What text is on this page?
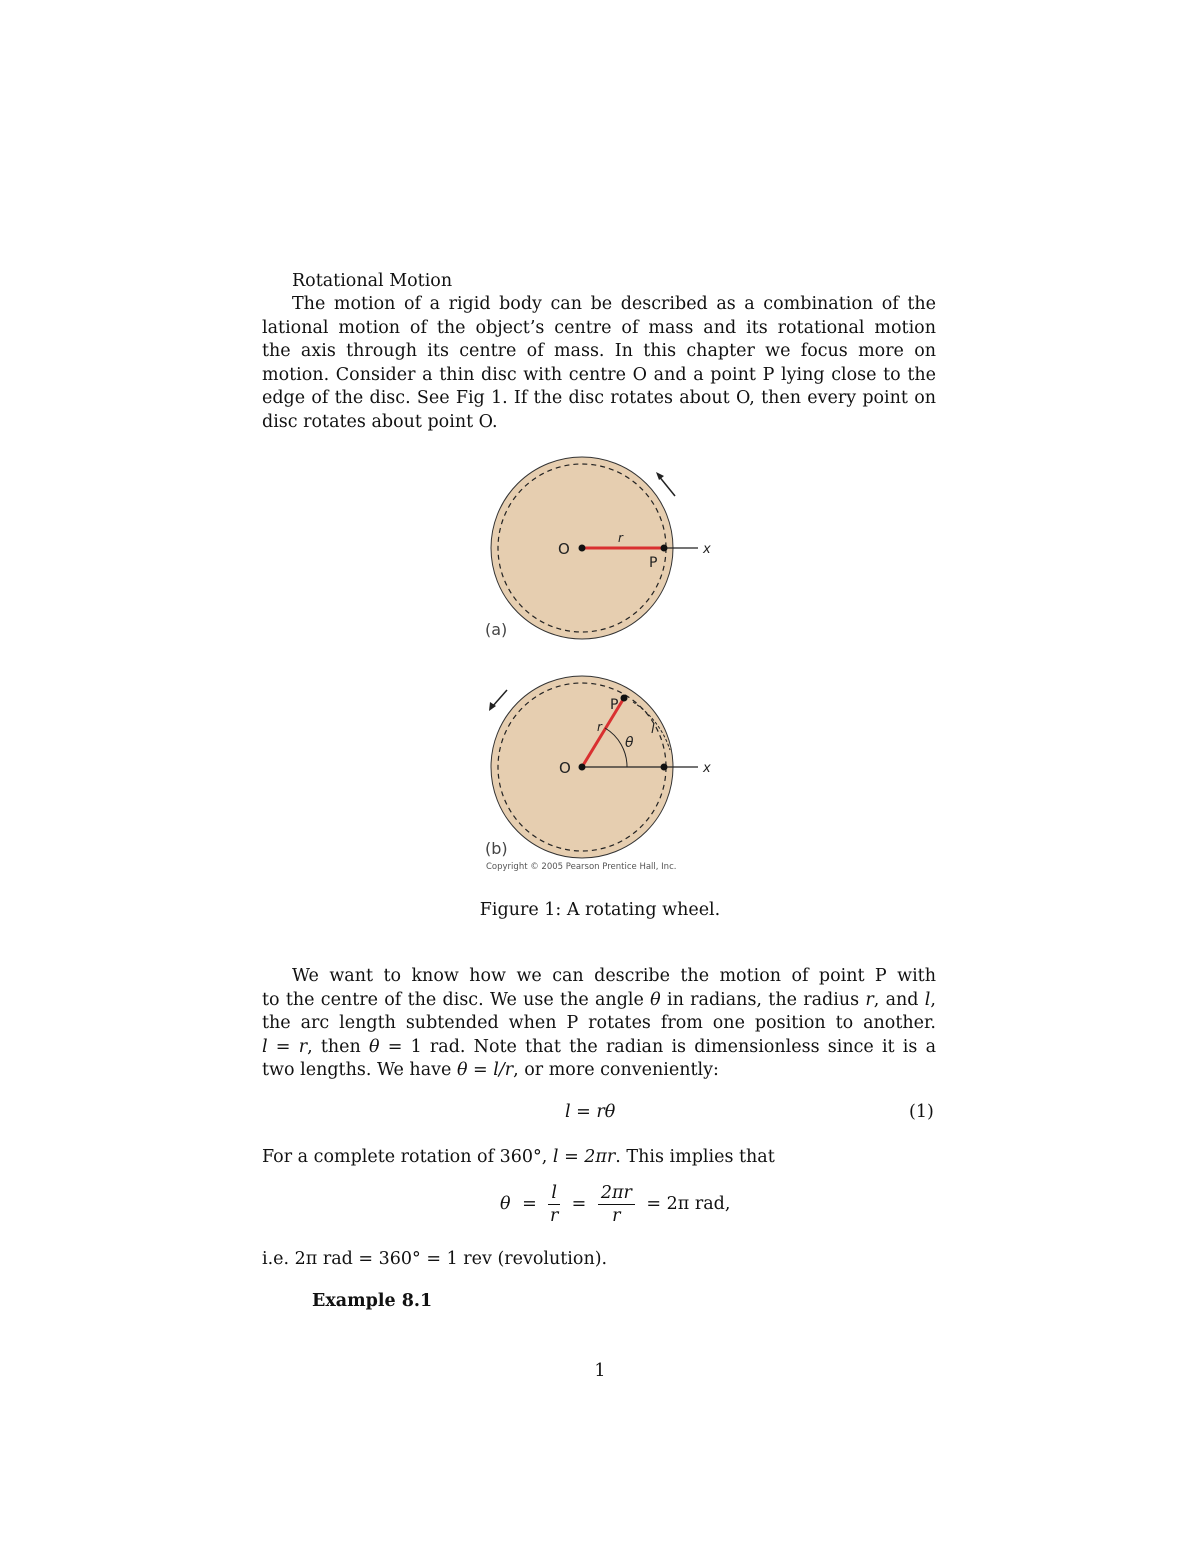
Rotational Motion
The motion of a rigid body can be described as a combination of the
lational motion of the object’s centre of mass and its rotational motion
the axis through its centre of mass. In this chapter we focus more on
motion. Consider a thin disc with centre O and a point P lying close to the
edge of the disc. See Fig 1. If the disc rotates about O, then every point on
disc rotates about point O.
O
r
P
x
(a)
O
r
P
θ
l
x
(b)
Copyright © 2005 Pearson Prentice Hall, Inc.
Figure 1: A rotating wheel.
We want to know how we can describe the motion of point P with
to the centre of the disc. We use the angle θ in radians, the radius r, and l,
the arc length subtended when P rotates from one position to another.
l = r, then θ = 1 rad. Note that the radian is dimensionless since it is a
two lengths. We have θ = l/r, or more conveniently:
l = rθ	(1)
For a complete rotation of 360°, l = 2πr. This implies that
$\theta = \frac{l}{r} = \frac{2\pi r}{r} = 2\pi$ rad,
i.e. 2π rad = 360° = 1 rev (revolution).
Example 8.1
1
